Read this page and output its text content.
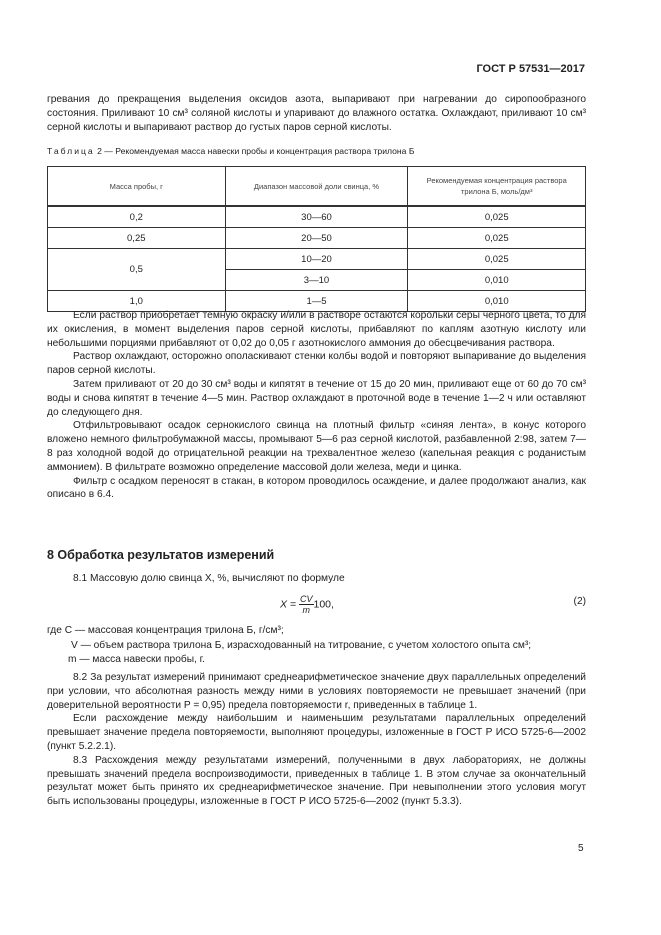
ГОСТ Р 57531—2017

гревания до прекращения выделения оксидов азота, выпаривают при нагревании до сиропообразного состояния. Приливают 10 см³ соляной кислоты и упаривают до влажного остатка. Охлаждают, приливают 10 см³ серной кислоты и выпаривают раствор до густых паров серной кислоты.

Таблица 2 — Рекомендуемая масса навески пробы и концентрация раствора трилона Б
Масса пробы, г	Диапазон массовой доли свинца, %	Рекомендуемая концентрация раствора трилона Б, моль/дм³
0,2	30—60	0,025
0,25	20—50	0,025
0,5	10—20	0,025
	3—10	0,010
1,0	1—5	0,010

Если раствор приобретает темную окраску и/или в растворе остаются корольки серы черного цвета, то для их окисления, в момент выделения паров серной кислоты, прибавляют по каплям азотную кислоту или небольшими порциями прибавляют от 0,02 до 0,05 г азотнокислого аммония до обесцвечивания раствора.

Раствор охлаждают, осторожно ополаскивают стенки колбы водой и повторяют выпаривание до выделения паров серной кислоты.

Затем приливают от 20 до 30 см³ воды и кипятят в течение от 15 до 20 мин, приливают еще от 60 до 70 см³ воды и снова кипятят в течение 4—5 мин. Раствор охлаждают в проточной воде в течение 1—2 ч или оставляют до следующего дня.

Отфильтровывают осадок сернокислого свинца на плотный фильтр «синяя лента», в конус которого вложено немного фильтробумажной массы, промывают 5—6 раз серной кислотой, разбавленной 2:98, затем 7—8 раз холодной водой до отрицательной реакции на трехвалентное железо (капельная реакция с роданистым аммонием). В фильтрате возможно определение массовой доли железа, меди и цинка.

Фильтр с осадком переносят в стакан, в котором проводилось осаждение, и далее продолжают анализ, как описано в 6.4.

8 Обработка результатов измерений

8.1 Массовую долю свинца X, %, вычисляют по формуле

$X = \frac{CV}{m} 100$,	(2)
где C — массовая концентрация трилона Б, г/см³;
V — объем раствора трилона Б, израсходованный на титрование, с учетом холостого опыта см³;
m — масса навески пробы, г.

8.2 За результат измерений принимают среднеарифметическое значение двух параллельных определений при условии, что абсолютная разность между ними в условиях повторяемости не превышает значений (при доверительной вероятности P = 0,95) предела повторяемости r, приведенных в таблице 1.

Если расхождение между наибольшим и наименьшим результатами параллельных определений превышает значение предела повторяемости, выполняют процедуры, изложенные в ГОСТ Р ИСО 5725-6—2002 (пункт 5.2.2.1).

8.3 Расхождения между результатами измерений, полученными в двух лабораториях, не должны превышать значений предела воспроизводимости, приведенных в таблице 1. В этом случае за окончательный результат может быть принято их среднеарифметическое значение. При невыполнении этого условия могут быть использованы процедуры, изложенные в ГОСТ Р ИСО 5725-6—2002 (пункт 5.3.3).

5
